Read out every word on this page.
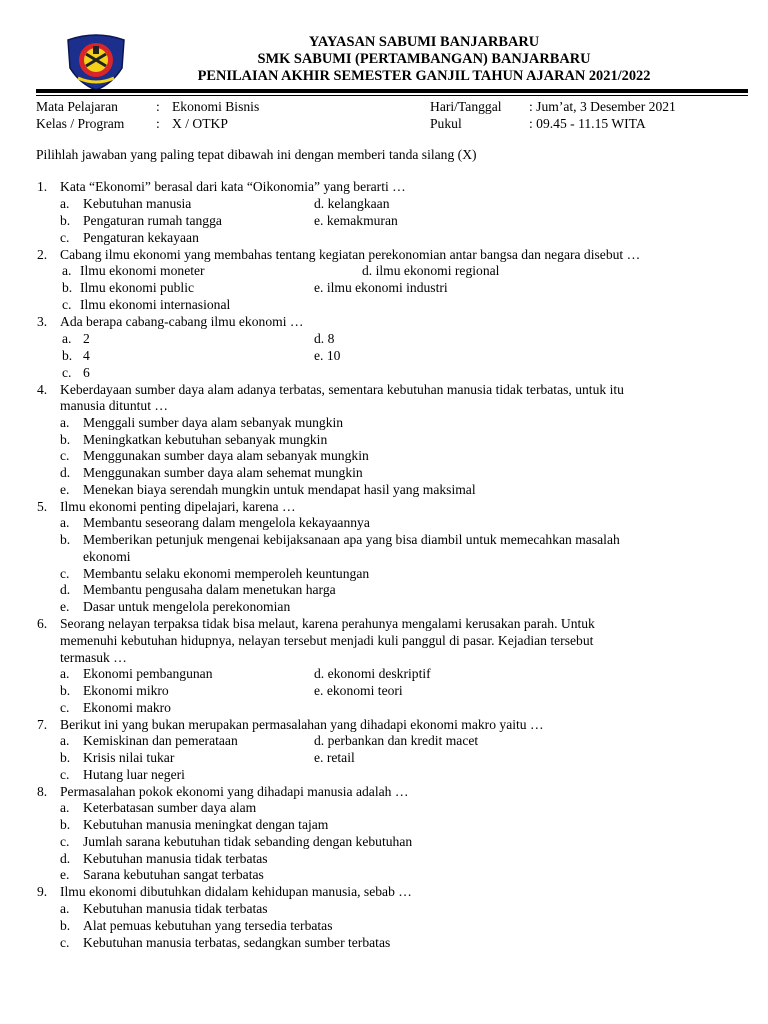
YAYASAN SABUMI BANJARBARU
SMK SABUMI (PERTAMBANGAN) BANJARBARU
PENILAIAN AKHIR SEMESTER GANJIL TAHUN AJARAN 2021/2022
Mata Pelajaran	: Ekonomi Bisnis
Kelas / Program : X / OTKP
Hari/Tanggal : Jum’at, 3 Desember 2021
Pukul	: 09.45 - 11.15 WITA
Pilihlah jawaban yang paling tepat dibawah ini dengan memberi tanda silang (X)
1. Kata “Ekonomi” berasal dari kata “Oikonomia” yang berarti …
a. Kebutuhan manusia	d. kelangkaan
b. Pengaturan rumah tangga	e. kemakmuran
c. Pengaturan kekayaan
2. Cabang ilmu ekonomi yang membahas tentang kegiatan perekonomian antar bangsa dan negara disebut …
a. Ilmu ekonomi moneter	d. ilmu ekonomi regional
b. Ilmu ekonomi public	e. ilmu ekonomi industri
c. Ilmu ekonomi internasional
3. Ada berapa cabang-cabang ilmu ekonomi …
a. 2	d. 8
b. 4	e. 10
c. 6
4. Keberdayaan sumber daya alam adanya terbatas, sementara kebutuhan manusia tidak terbatas, untuk itu
manusia dituntut …
a. Menggali sumber daya alam sebanyak mungkin
b. Meningkatkan kebutuhan sebanyak mungkin
c. Menggunakan sumber daya alam sebanyak mungkin
d. Menggunakan sumber daya alam sehemat mungkin
e. Menekan biaya serendah mungkin untuk mendapat hasil yang maksimal
5. Ilmu ekonomi penting dipelajari, karena …
a. Membantu seseorang dalam mengelola kekayaannya
b. Memberikan petunjuk mengenai kebijaksanaan apa yang bisa diambil untuk memecahkan masalah
ekonomi
c. Membantu selaku ekonomi memperoleh keuntungan
d. Membantu pengusaha dalam menetukan harga
e. Dasar untuk mengelola perekonomian
6. Seorang nelayan terpaksa tidak bisa melaut, karena perahunya mengalami kerusakan parah. Untuk
memenuhi kebutuhan hidupnya, nelayan tersebut menjadi kuli panggul di pasar. Kejadian tersebut
termasuk …
a. Ekonomi pembangunan	d. ekonomi deskriptif
b. Ekonomi mikro	e. ekonomi teori
c. Ekonomi makro
7. Berikut ini yang bukan merupakan permasalahan yang dihadapi ekonomi makro yaitu …
a. Kemiskinan dan pemerataan	d. perbankan dan kredit macet
b. Krisis nilai tukar	e. retail
c. Hutang luar negeri
8. Permasalahan pokok ekonomi yang dihadapi manusia adalah …
a. Keterbatasan sumber daya alam
b. Kebutuhan manusia meningkat dengan tajam
c. Jumlah sarana kebutuhan tidak sebanding dengan kebutuhan
d. Kebutuhan manusia tidak terbatas
e. Sarana kebutuhan sangat terbatas
9. Ilmu ekonomi dibutuhkan didalam kehidupan manusia, sebab …
a. Kebutuhan manusia tidak terbatas
b. Alat pemuas kebutuhan yang tersedia terbatas
c. Kebutuhan manusia terbatas, sedangkan sumber terbatas
